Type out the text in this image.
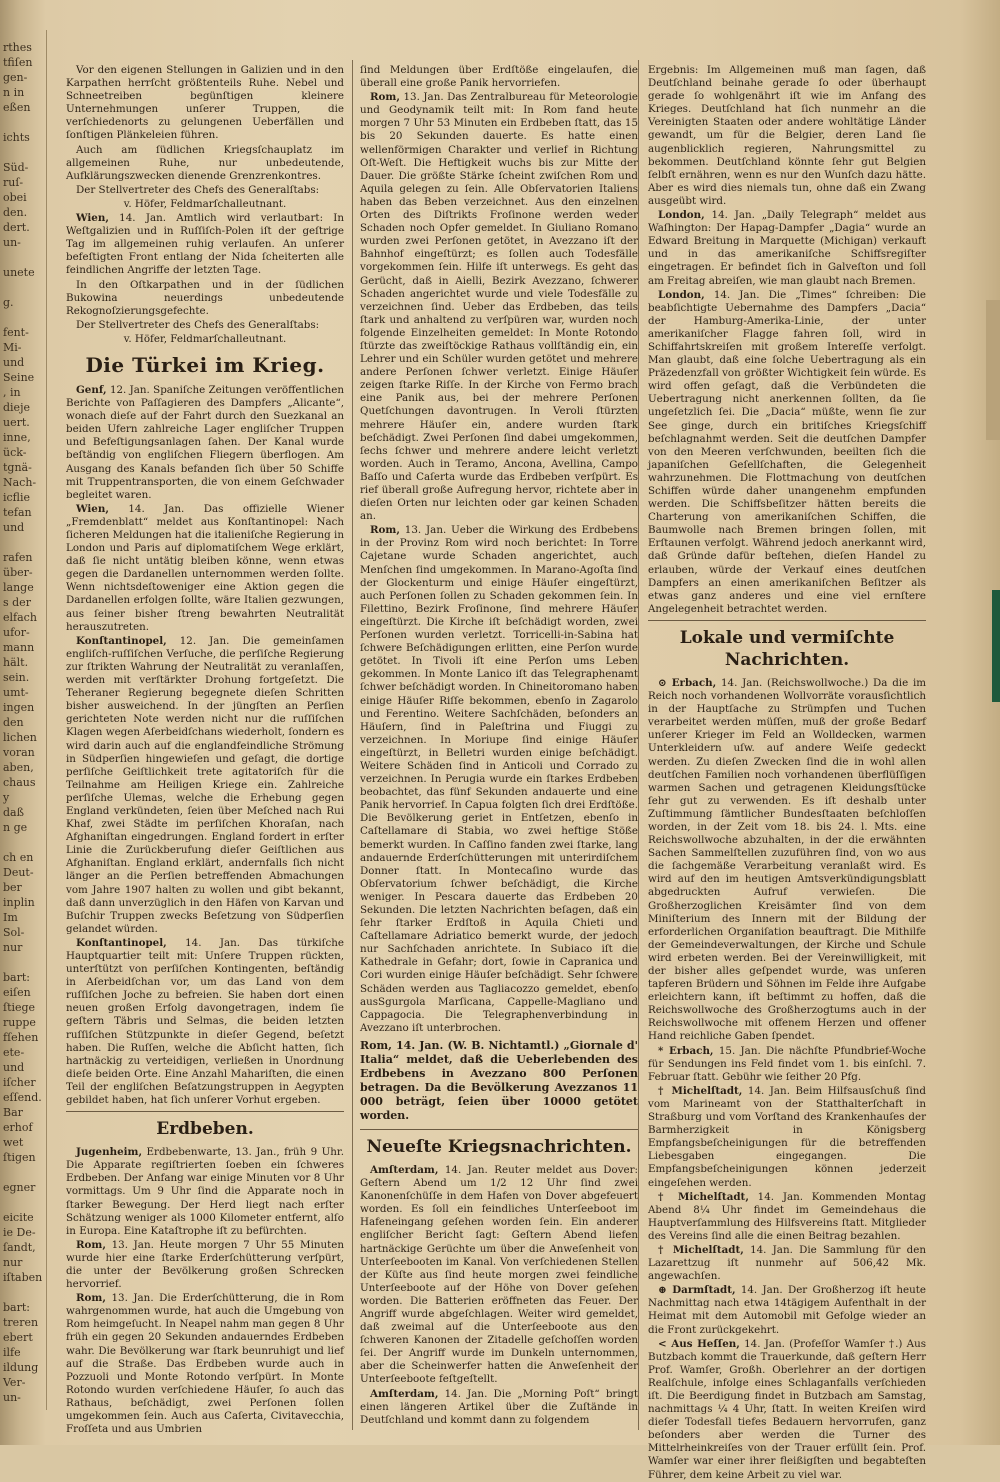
rthes
tfiſen
gen-
n in
eßen
ichts
Süd-
ruſ-
obei
den.
dert.
un-
unete
g.
fent-
Mi-
und
Seine
, in
dieje
uert.
inne,
ück-
tgnä-
Nach-
icflie
tefan
und
rafen
über-
lange
s der
elfach
ufor-
mann
hält.
sein.
umt-
ingen
den
lichen
voran
aben,
chaus
y
daß
n ge
ch en
Deut-
ber
inplin
Im
Sol-
nur
bart:
eiſen
ſtiege
ruppe
fſehen
ete-
und
iſcher
eſſend.
Bar
erhof
wet
ſtigen
egner
eicite
ie De-
ſandt,
nur
iſtaben
bart:
treren
ebert
ilfe
ildung
Ver-
un-

Vor den eigenen Stellungen in Galizien und in den Karpathen herrſcht größtenteils Ruhe. Nebel und Schneetreiben begünſtigen kleinere Unternehmungen unſerer Truppen, die verſchiedenorts zu gelungenen Ueberfällen und ſonſtigen Plänkeleien führen.

Auch am ſüdlichen Kriegsſchauplatz im allgemeinen Ruhe, nur unbedeutende, Aufklärungszwecken dienende Grenzrenkontres.

Der Stellvertreter des Chefs des Generalſtabs:

v. Höfer, Feldmarſchalleutnant.

Wien, 14. Jan. Amtlich wird verlautbart: In Weſtgalizien und in Ruſſiſch-Polen iſt der geſtrige Tag im allgemeinen ruhig verlaufen. An unſerer befeſtigten Front entlang der Nida ſcheiterten alle feindlichen Angriffe der letzten Tage.

In den Oſtkarpathen und in der ſüdlichen Bukowina neuerdings unbedeutende Rekognoſzierungsgefechte.

Der Stellvertreter des Chefs des Generalſtabs:

v. Höfer, Feldmarſchalleutnant.

Die Türkei im Krieg.

Genf, 12. Jan. Spaniſche Zeitungen veröffentlichen Berichte von Paſſagieren des Dampfers „Alicante“, wonach dieſe auf der Fahrt durch den Suezkanal an beiden Ufern zahlreiche Lager engliſcher Truppen und Befeſtigungsanlagen ſahen. Der Kanal wurde beſtändig von engliſchen Fliegern überflogen. Am Ausgang des Kanals befanden ſich über 50 Schiffe mit Truppentransporten, die von einem Geſchwader begleitet waren.

Wien, 14. Jan. Das offizielle Wiener „Fremdenblatt“ meldet aus Konſtantinopel: Nach ſicheren Meldungen hat die italieniſche Regierung in London und Paris auf diplomatiſchem Wege erklärt, daß ſie nicht untätig bleiben könne, wenn etwas gegen die Dardanellen unternommen werden ſollte. Wenn nichtsdeſtoweniger eine Aktion gegen die Dardanellen erfolgen ſollte, wäre Italien gezwungen, aus ſeiner bisher ſtreng bewahrten Neutralität herauszutreten.

Konſtantinopel, 12. Jan. Die gemeinſamen engliſch-ruſſiſchen Verſuche, die perſiſche Regierung zur ſtrikten Wahrung der Neutralität zu veranlaſſen, werden mit verſtärkter Drohung fortgeſetzt. Die Teheraner Regierung begegnete dieſen Schritten bisher ausweichend. In der jüngſten an Perſien gerichteten Note werden nicht nur die ruſſiſchen Klagen wegen Aſerbeidſchans wiederholt, ſondern es wird darin auch auf die englandfeindliche Strömung in Südperſien hingewieſen und geſagt, die dortige perſiſche Geiſtlichkeit trete agitatoriſch für die Teilnahme am Heiligen Kriege ein. Zahlreiche perſiſche Ulemas, welche die Erhebung gegen England verkündeten, ſeien über Meſched nach Rui Khaf, zwei Städte im perſiſchen Khoraſan, nach Afghaniſtan eingedrungen. England fordert in erſter Linie die Zurückberufung dieſer Geiſtlichen aus Afghaniſtan. England erklärt, andernfalls ſich nicht länger an die Perſien betreffenden Abmachungen vom Jahre 1907 halten zu wollen und gibt bekannt, daß dann unverzüglich in den Häfen von Karvan und Buſchir Truppen zwecks Beſetzung von Südperſien gelandet würden.

Konſtantinopel, 14. Jan. Das türkiſche Hauptquartier teilt mit: Unſere Truppen rückten, unterſtützt von perſiſchen Kontingenten, beſtändig in Aſerbeidſchan vor, um das Land von dem ruſſiſchen Joche zu befreien. Sie haben dort einen neuen großen Erfolg davongetragen, indem ſie geſtern Täbris und Selmas, die beiden letzten ruſſiſchen Stützpunkte in dieſer Gegend, beſetzt haben. Die Ruſſen, welche die Abſicht hatten, ſich hartnäckig zu verteidigen, verließen in Unordnung dieſe beiden Orte. Eine Anzahl Mahariſten, die einen Teil der engliſchen Beſatzungstruppen in Aegypten gebildet haben, hat ſich unſerer Vorhut ergeben.

Erdbeben.

Jugenheim, Erdbebenwarte, 13. Jan., früh 9 Uhr. Die Apparate regiſtrierten ſoeben ein ſchweres Erdbeben. Der Anfang war einige Minuten vor 8 Uhr vormittags. Um 9 Uhr ſind die Apparate noch in ſtarker Bewegung. Der Herd liegt nach erſter Schätzung weniger als 1000 Kilometer entfernt, alſo in Europa. Eine Kataſtrophe iſt zu befürchten.

Rom, 13. Jan. Heute morgen 7 Uhr 55 Minuten wurde hier eine ſtarke Erderſchütterung verſpürt, die unter der Bevölkerung großen Schrecken hervorrief.

Rom, 13. Jan. Die Erderſchütterung, die in Rom wahrgenommen wurde, hat auch die Umgebung von Rom heimgeſucht. In Neapel nahm man gegen 8 Uhr früh ein gegen 20 Sekunden andauerndes Erdbeben wahr. Die Bevölkerung war ſtark beunruhigt und lief auf die Straße. Das Erdbeben wurde auch in Pozzuoli und Monte Rotondo verſpürt. In Monte Rotondo wurden verſchiedene Häuſer, ſo auch das Rathaus, beſchädigt, zwei Perſonen ſollen umgekommen ſein. Auch aus Caſerta, Civitavecchia, Froſſeta und aus Umbrien

ſind Meldungen über Erdſtöße eingelaufen, die überall eine große Panik hervorriefen.

Rom, 13. Jan. Das Zentralbureau für Meteorologie und Geodynamik teilt mit: In Rom fand heute morgen 7 Uhr 53 Minuten ein Erdbeben ſtatt, das 15 bis 20 Sekunden dauerte. Es hatte einen wellenförmigen Charakter und verlief in Richtung Oſt-Weſt. Die Heftigkeit wuchs bis zur Mitte der Dauer. Die größte Stärke ſcheint zwiſchen Rom und Aquila gelegen zu ſein. Alle Obſervatorien Italiens haben das Beben verzeichnet. Aus den einzelnen Orten des Diſtrikts Froſinone werden weder Schaden noch Opfer gemeldet. In Giuliano Romano wurden zwei Perſonen getötet, in Avezzano iſt der Bahnhof eingeſtürzt; es ſollen auch Todesfälle vorgekommen ſein. Hilfe iſt unterwegs. Es geht das Gerücht, daß in Aielli, Bezirk Avezzano, ſchwerer Schaden angerichtet wurde und viele Todesfälle zu verzeichnen ſind. Ueber das Erdbeben, das teils ſtark und anhaltend zu verſpüren war, wurden noch folgende Einzelheiten gemeldet: In Monte Rotondo ſtürzte das zweiſtöckige Rathaus vollſtändig ein, ein Lehrer und ein Schüler wurden getötet und mehrere andere Perſonen ſchwer verletzt. Einige Häuſer zeigen ſtarke Riſſe. In der Kirche von Fermo brach eine Panik aus, bei der mehrere Perſonen Quetſchungen davontrugen. In Veroli ſtürzten mehrere Häuſer ein, andere wurden ſtark beſchädigt. Zwei Perſonen ſind dabei umgekommen, ſechs ſchwer und mehrere andere leicht verletzt worden. Auch in Teramo, Ancona, Avellina, Campo Baſſo und Caſerta wurde das Erdbeben verſpürt. Es rief überall große Aufregung hervor, richtete aber in dieſen Orten nur leichten oder gar keinen Schaden an.

Rom, 13. Jan. Ueber die Wirkung des Erdbebens in der Provinz Rom wird noch berichtet: In Torre Cajetane wurde Schaden angerichtet, auch Menſchen ſind umgekommen. In Marano-Agoſta ſind der Glockenturm und einige Häuſer eingeſtürzt, auch Perſonen ſollen zu Schaden gekommen ſein. In Filettino, Bezirk Froſinone, ſind mehrere Häuſer eingeſtürzt. Die Kirche iſt beſchädigt worden, zwei Perſonen wurden verletzt. Torricelli-in-Sabina hat ſchwere Beſchädigungen erlitten, eine Perſon wurde getötet. In Tivoli iſt eine Perſon ums Leben gekommen. In Monte Lanico iſt das Telegraphenamt ſchwer beſchädigt worden. In Chineitoromano haben einige Häuſer Riſſe bekommen, ebenſo in Zagarolo und Ferentino. Weitere Sachſchäden, beſonders an Häuſern, ſind in Paleſtrina und Fiuggi zu verzeichnen. In Moriupe ſind einige Häuſer eingeſtürzt, in Belletri wurden einige beſchädigt. Weitere Schäden ſind in Anticoli und Corrado zu verzeichnen. In Perugia wurde ein ſtarkes Erdbeben beobachtet, das fünf Sekunden andauerte und eine Panik hervorrief. In Capua folgten ſich drei Erdſtöße. Die Bevölkerung geriet in Entſetzen, ebenſo in Caſtellamare di Stabia, wo zwei heftige Stöße bemerkt wurden. In Caſſino fanden zwei ſtarke, lang andauernde Erderſchütterungen mit unterirdiſchem Donner ſtatt. In Montecaſino wurde das Obſervatorium ſchwer beſchädigt, die Kirche weniger. In Pescara dauerte das Erdbeben 20 Sekunden. Die letzten Nachrichten beſagen, daß ein ſehr ſtarker Erdſtoß in Aquila Chieti und Caſtellamare Adriatico bemerkt wurde, der jedoch nur Sachſchaden anrichtete. In Subiaco iſt die Kathedrale in Gefahr; dort, ſowie in Capranica und Cori wurden einige Häuſer beſchädigt. Sehr ſchwere Schäden werden aus Tagliacozzo gemeldet, ebenſo ausSgurgola Marſicana, Cappelle-Magliano und Cappagocia. Die Telegraphenverbindung in Avezzano iſt unterbrochen.

Rom, 14. Jan. (W. B. Nichtamtl.) „Giornale d' Italia“ meldet, daß die Ueberlebenden des Erdbebens in Avezzano 800 Perſonen betragen. Da die Bevölkerung Avezzanos 11 000 beträgt, ſeien über 10000 getötet worden.
Neueſte Kriegsnachrichten.

Amſterdam, 14. Jan. Reuter meldet aus Dover: Geſtern Abend um 1/2 12 Uhr ſind zwei Kanonenſchüſſe in dem Hafen von Dover abgefeuert worden. Es ſoll ein feindliches Unterſeeboot im Hafeneingang geſehen worden ſein. Ein anderer engliſcher Bericht ſagt: Geſtern Abend liefen hartnäckige Gerüchte um über die Anweſenheit von Unterſeebooten im Kanal. Von verſchiedenen Stellen der Küſte aus ſind heute morgen zwei feindliche Unterſeeboote auf der Höhe von Dover geſehen worden. Die Batterien eröffneten das Feuer. Der Angriff wurde abgeſchlagen. Weiter wird gemeldet, daß zweimal auf die Unterſeeboote aus den ſchweren Kanonen der Zitadelle geſchoſſen worden ſei. Der Angriff wurde im Dunkeln unternommen, aber die Scheinwerfer hatten die Anweſenheit der Unterſeeboote feſtgeſtellt.

Amſterdam, 14. Jan. Die „Morning Poſt“ bringt einen längeren Artikel über die Zuſtände in Deutſchland und kommt dann zu folgendem

Ergebnis: Im Allgemeinen muß man ſagen, daß Deutſchland beinahe gerade ſo oder überhaupt gerade ſo wohlgenährt iſt wie im Anfang des Krieges. Deutſchland hat ſich nunmehr an die Vereinigten Staaten oder andere wohltätige Länder gewandt, um für die Belgier, deren Land ſie augenblicklich regieren, Nahrungsmittel zu bekommen. Deutſchland könnte ſehr gut Belgien ſelbſt ernähren, wenn es nur den Wunſch dazu hätte. Aber es wird dies niemals tun, ohne daß ein Zwang ausgeübt wird.

London, 14. Jan. „Daily Telegraph“ meldet aus Waſhington: Der Hapag-Dampfer „Dagia“ wurde an Edward Breitung in Marquette (Michigan) verkauft und in das amerikaniſche Schiffsregiſter eingetragen. Er befindet ſich in Galveſton und ſoll am Freitag abreiſen, wie man glaubt nach Bremen.

London, 14. Jan. Die „Times“ ſchreiben: Die beabſichtigte Uebernahme des Dampfers „Dacia“ der Hamburg-Amerika-Linie, der unter amerikaniſcher Flagge fahren ſoll, wird in Schiffahrtskreiſen mit großem Intereſſe verfolgt. Man glaubt, daß eine ſolche Uebertragung als ein Präzedenzfall von größter Wichtigkeit ſein würde. Es wird offen geſagt, daß die Verbündeten die Uebertragung nicht anerkennen ſollten, da ſie ungeſetzlich ſei. Die „Dacia“ müßte, wenn ſie zur See ginge, durch ein britiſches Kriegsſchiff beſchlagnahmt werden. Seit die deutſchen Dampfer von den Meeren verſchwunden, beeilten ſich die japaniſchen Geſellſchaften, die Gelegenheit wahrzunehmen. Die Flottmachung von deutſchen Schiffen würde daher unangenehm empfunden werden. Die Schiffsbeſitzer hätten bereits die Charterung von amerikaniſchen Schiffen, die Baumwolle nach Bremen bringen ſollen, mit Erſtaunen verfolgt. Während jedoch anerkannt wird, daß Gründe dafür beſtehen, dieſen Handel zu erlauben, würde der Verkauf eines deutſchen Dampfers an einen amerikaniſchen Beſitzer als etwas ganz anderes und eine viel ernſtere Angelegenheit betrachtet werden.

Lokale und vermiſchte Nachrichten.

⊙ Erbach, 14. Jan. (Reichswollwoche.) Da die im Reich noch vorhandenen Wollvorräte vorausſichtlich in der Hauptſache zu Strümpfen und Tuchen verarbeitet werden müſſen, muß der große Bedarf unſerer Krieger im Feld an Wolldecken, warmen Unterkleidern uſw. auf andere Weiſe gedeckt werden. Zu dieſen Zwecken ſind die in wohl allen deutſchen Familien noch vorhandenen überflüſſigen warmen Sachen und getragenen Kleidungsſtücke ſehr gut zu verwenden. Es iſt deshalb unter Zuſtimmung ſämtlicher Bundesſtaaten beſchloſſen worden, in der Zeit vom 18. bis 24. l. Mts. eine Reichswollwoche abzuhalten, in der die erwähnten Sachen Sammelſtellen zuzuführen ſind, von wo aus die ſachgemäße Verarbeitung veranlaßt wird. Es wird auf den im heutigen Amtsverkündigungsblatt abgedruckten Aufruf verwieſen. Die Großherzoglichen Kreisämter ſind von dem Miniſterium des Innern mit der Bildung der erforderlichen Organiſation beauftragt. Die Mithilfe der Gemeindeverwaltungen, der Kirche und Schule wird erbeten werden. Bei der Vereinwilligkeit, mit der bisher alles geſpendet wurde, was unſeren tapferen Brüdern und Söhnen im Felde ihre Aufgabe erleichtern kann, iſt beſtimmt zu hoffen, daß die Reichswollwoche des Großherzogtums auch in der Reichswollwoche mit offenem Herzen und offener Hand reichliche Gaben ſpendet.

* Erbach, 15. Jan. Die nächſte Pfundbrief-Woche für Sendungen ins Feld findet vom 1. bis einſchl. 7. Februar ſtatt. Gebühr wie ſeither 20 Pfg.

† Michelſtadt, 14. Jan. Beim Hilfsausſchuß ſind vom Marineamt von der Statthalterſchaft in Straßburg und vom Vorſtand des Krankenhauſes der Barmherzigkeit in Königsberg Empfangsbeſcheinigungen für die betreffenden Liebesgaben eingegangen. Die Empfangsbeſcheinigungen können jederzeit eingeſehen werden.

† Michelſtadt, 14. Jan. Kommenden Montag Abend 8¼ Uhr findet im Gemeindehaus die Hauptverſammlung des Hilfsvereins ſtatt. Mitglieder des Vereins ſind alle die einen Beitrag bezahlen.

† Michelſtadt, 14. Jan. Die Sammlung für den Lazarettzug iſt nunmehr auf 506,42 Mk. angewachſen.

⊕ Darmſtadt, 14. Jan. Der Großherzog iſt heute Nachmittag nach etwa 14tägigem Aufenthalt in der Heimat mit dem Automobil mit Gefolge wieder an die Front zurückgekehrt.

< Aus Heſſen, 14. Jan. (Profeſſor Wamſer †.) Aus Butzbach kommt die Trauerkunde, daß geſtern Herr Prof. Wamſer, Großh. Oberlehrer an der dortigen Realſchule, infolge eines Schlaganfalls verſchieden iſt. Die Beerdigung findet in Butzbach am Samstag, nachmittags ¼ 4 Uhr, ſtatt. In weiten Kreiſen wird dieſer Todesfall tiefes Bedauern hervorrufen, ganz beſonders aber werden die Turner des Mittelrheinkreiſes von der Trauer erfüllt ſein. Prof. Wamſer war einer ihrer fleißigſten und begabteſten Führer, dem keine Arbeit zu viel war.
